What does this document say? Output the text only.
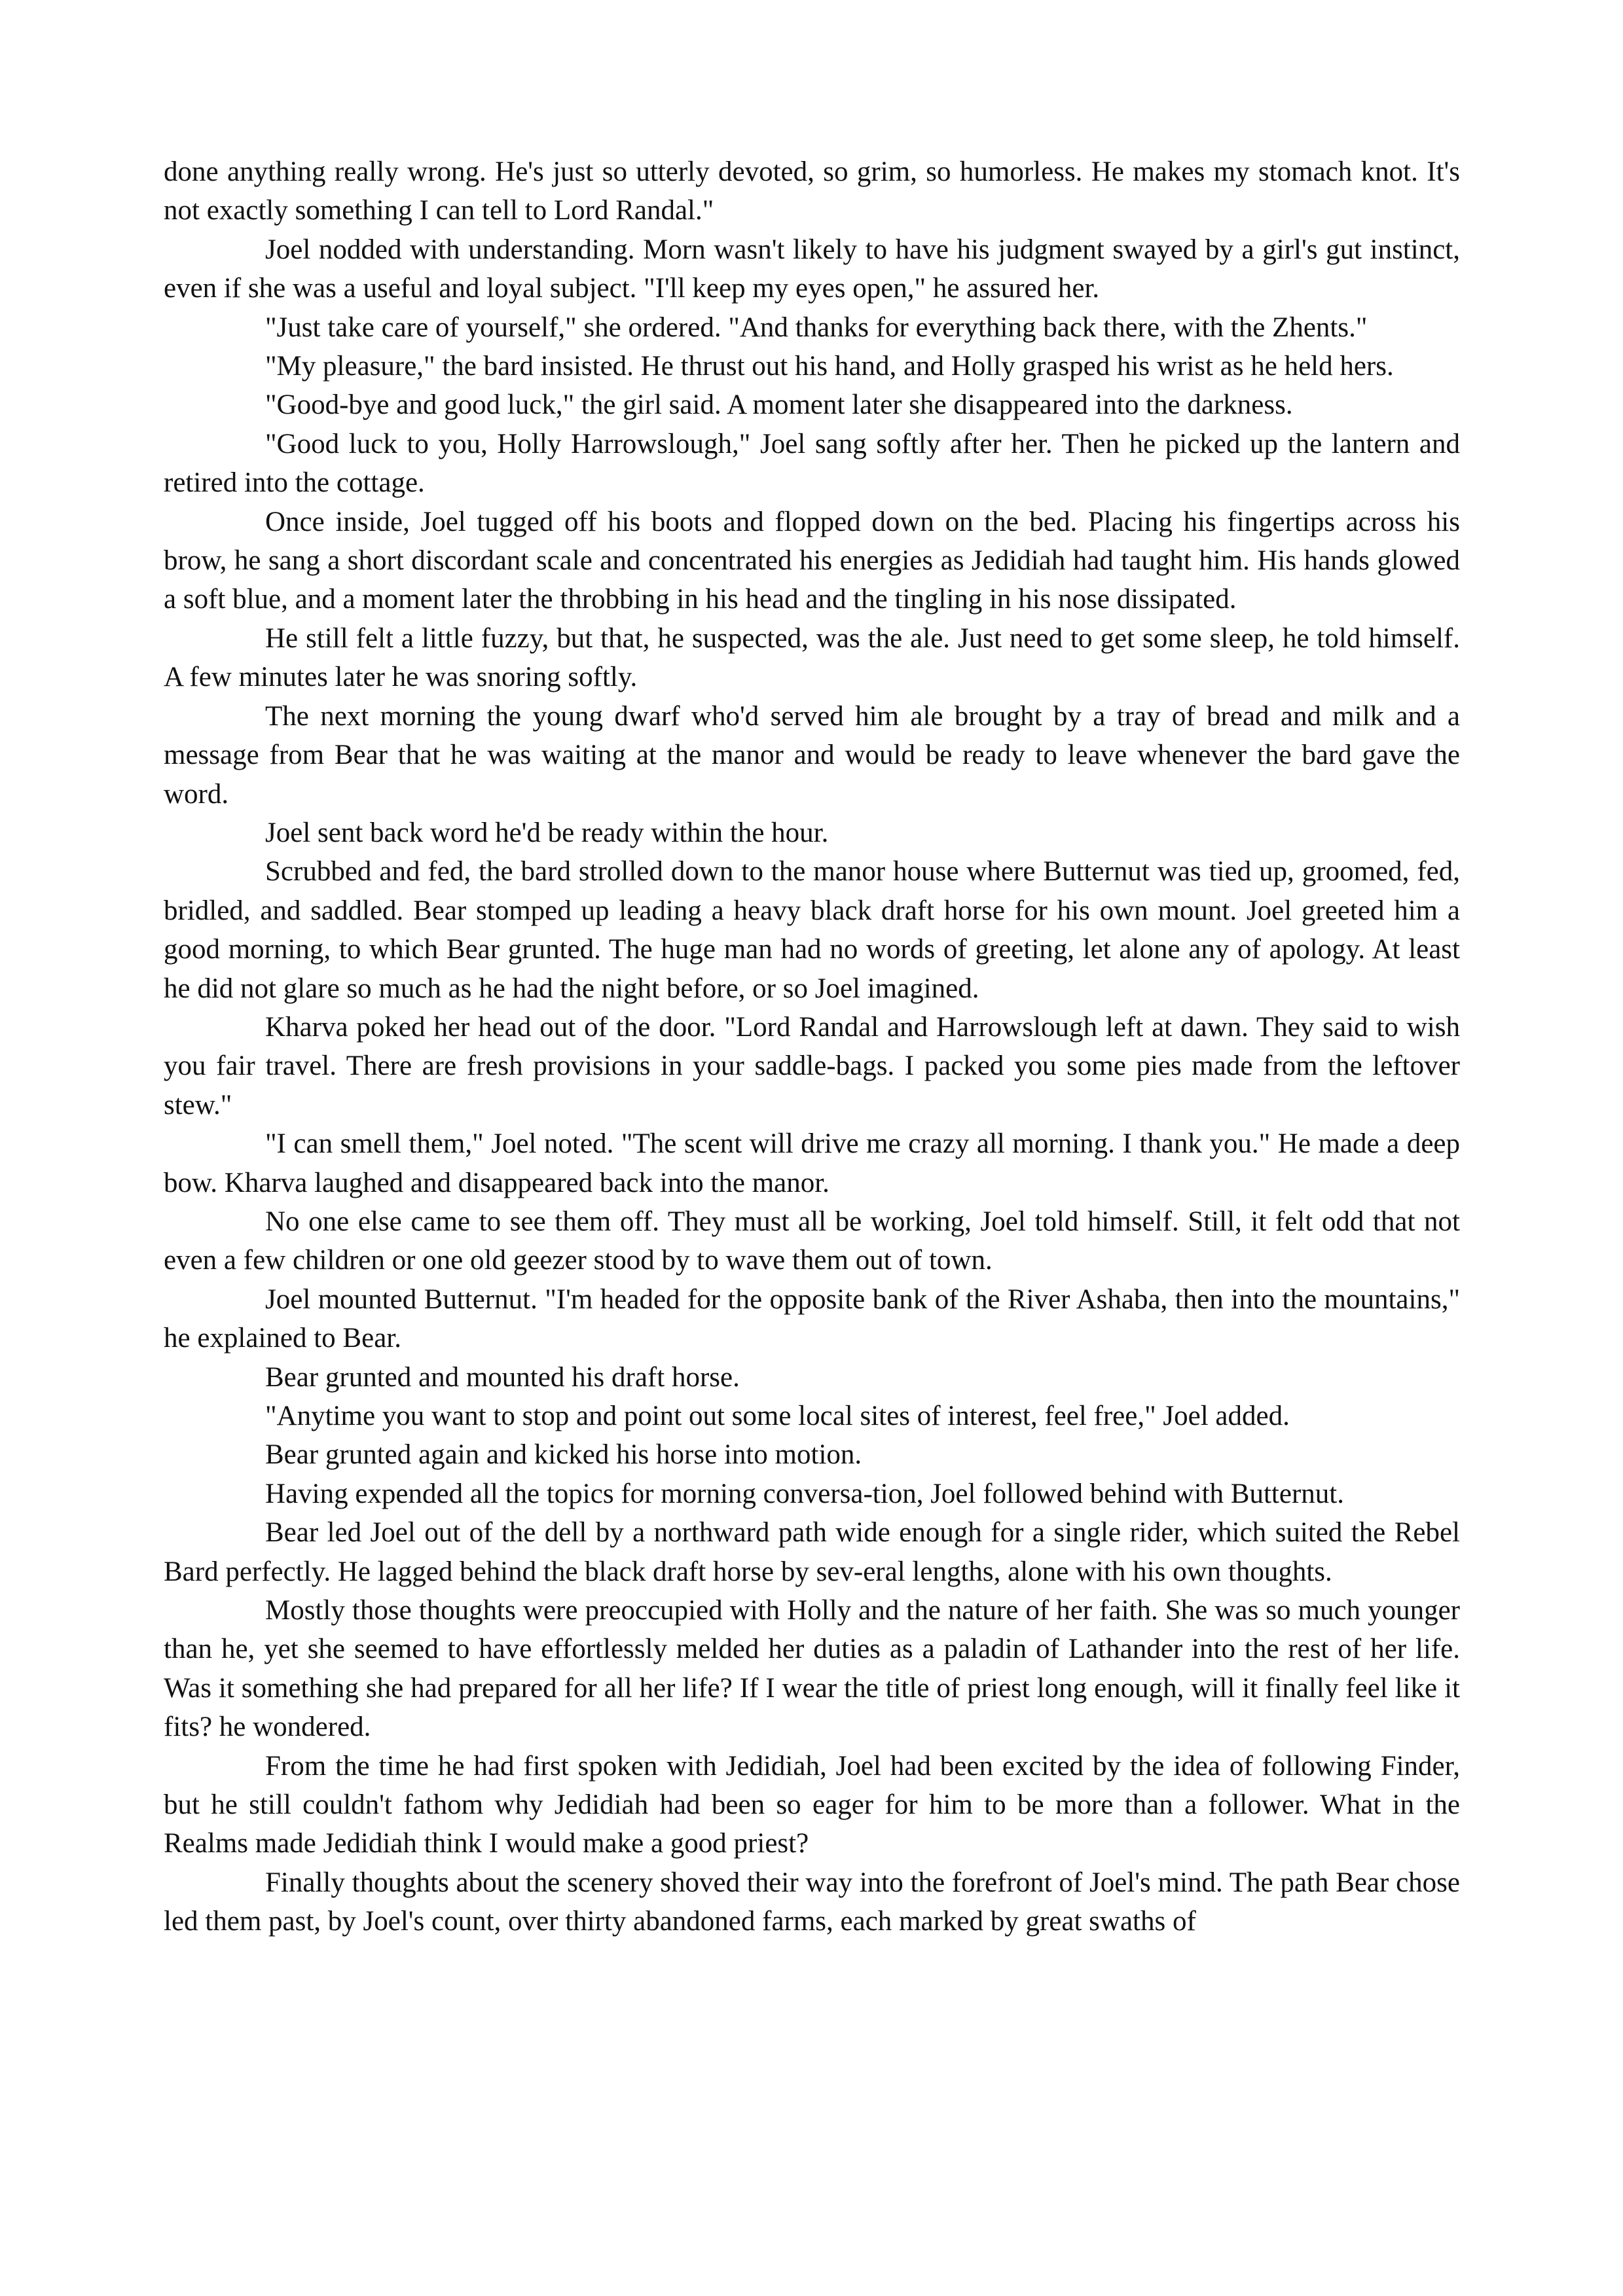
done anything really wrong. He's just so utterly devoted, so grim, so humorless. He makes my stomach knot. It's not exactly something I can tell to Lord Randal."

Joel nodded with understanding. Morn wasn't likely to have his judgment swayed by a girl's gut instinct, even if she was a useful and loyal subject. "I'll keep my eyes open," he assured her.

"Just take care of yourself," she ordered. "And thanks for everything back there, with the Zhents."

"My pleasure," the bard insisted. He thrust out his hand, and Holly grasped his wrist as he held hers.

"Good-bye and good luck," the girl said. A moment later she disappeared into the darkness.

"Good luck to you, Holly Harrowslough," Joel sang softly after her. Then he picked up the lantern and retired into the cottage.

Once inside, Joel tugged off his boots and flopped down on the bed. Placing his fingertips across his brow, he sang a short discordant scale and concentrated his energies as Jedidiah had taught him. His hands glowed a soft blue, and a moment later the throbbing in his head and the tingling in his nose dissipated.

He still felt a little fuzzy, but that, he suspected, was the ale. Just need to get some sleep, he told himself. A few minutes later he was snoring softly.

The next morning the young dwarf who'd served him ale brought by a tray of bread and milk and a message from Bear that he was waiting at the manor and would be ready to leave whenever the bard gave the word.

Joel sent back word he'd be ready within the hour.

Scrubbed and fed, the bard strolled down to the manor house where Butternut was tied up, groomed, fed, bridled, and saddled. Bear stomped up leading a heavy black draft horse for his own mount. Joel greeted him a good morning, to which Bear grunted. The huge man had no words of greeting, let alone any of apology. At least he did not glare so much as he had the night before, or so Joel imagined.

Kharva poked her head out of the door. "Lord Randal and Harrowslough left at dawn. They said to wish you fair travel. There are fresh provisions in your saddle-bags. I packed you some pies made from the leftover stew."

"I can smell them," Joel noted. "The scent will drive me crazy all morning. I thank you." He made a deep bow. Kharva laughed and disappeared back into the manor.

No one else came to see them off. They must all be working, Joel told himself. Still, it felt odd that not even a few children or one old geezer stood by to wave them out of town.

Joel mounted Butternut. "I'm headed for the opposite bank of the River Ashaba, then into the mountains," he explained to Bear.

Bear grunted and mounted his draft horse.

"Anytime you want to stop and point out some local sites of interest, feel free," Joel added.

Bear grunted again and kicked his horse into motion.

Having expended all the topics for morning conversa-tion, Joel followed behind with Butternut.

Bear led Joel out of the dell by a northward path wide enough for a single rider, which suited the Rebel Bard perfectly. He lagged behind the black draft horse by sev-eral lengths, alone with his own thoughts.

Mostly those thoughts were preoccupied with Holly and the nature of her faith. She was so much younger than he, yet she seemed to have effortlessly melded her duties as a paladin of Lathander into the rest of her life. Was it something she had prepared for all her life? If I wear the title of priest long enough, will it finally feel like it fits? he wondered.

From the time he had first spoken with Jedidiah, Joel had been excited by the idea of following Finder, but he still couldn't fathom why Jedidiah had been so eager for him to be more than a follower. What in the Realms made Jedidiah think I would make a good priest?

Finally thoughts about the scenery shoved their way into the forefront of Joel's mind. The path Bear chose led them past, by Joel's count, over thirty abandoned farms, each marked by great swaths of
